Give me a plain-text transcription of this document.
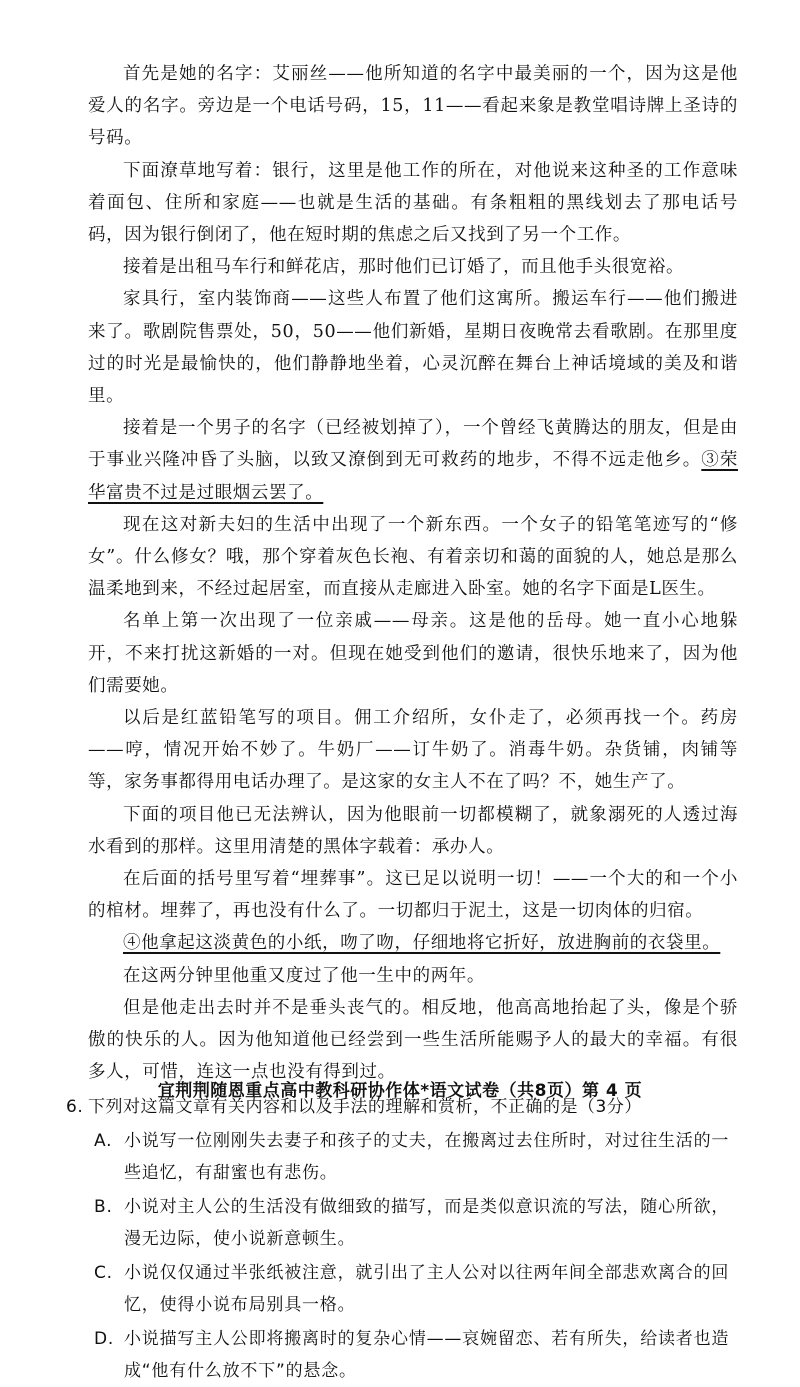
首先是她的名字：艾丽丝——他所知道的名字中最美丽的一个，因为这是他爱人的名字。旁边是一个电话号码，15，11——看起来象是教堂唱诗牌上圣诗的号码。

下面潦草地写着：银行，这里是他工作的所在，对他说来这种圣的工作意味着面包、住所和家庭——也就是生活的基础。有条粗粗的黑线划去了那电话号码，因为银行倒闭了，他在短时期的焦虑之后又找到了另一个工作。

接着是出租马车行和鲜花店，那时他们已订婚了，而且他手头很宽裕。

家具行，室内装饰商——这些人布置了他们这寓所。搬运车行——他们搬进来了。歌剧院售票处，50，50——他们新婚，星期日夜晚常去看歌剧。在那里度过的时光是最愉快的，他们静静地坐着，心灵沉醉在舞台上神话境域的美及和谐里。

接着是一个男子的名字（已经被划掉了），一个曾经飞黄腾达的朋友，但是由于事业兴隆冲昏了头脑，以致又潦倒到无可救药的地步，不得不远走他乡。③荣华富贵不过是过眼烟云罢了。

现在这对新夫妇的生活中出现了一个新东西。一个女子的铅笔笔迹写的“修女”。什么修女？哦，那个穿着灰色长袍、有着亲切和蔼的面貌的人，她总是那么温柔地到来，不经过起居室，而直接从走廊进入卧室。她的名字下面是L医生。

名单上第一次出现了一位亲戚——母亲。这是他的岳母。她一直小心地躲开，不来打扰这新婚的一对。但现在她受到他们的邀请，很快乐地来了，因为他们需要她。

以后是红蓝铅笔写的项目。佣工介绍所，女仆走了，必须再找一个。药房——哼，情况开始不妙了。牛奶厂——订牛奶了。消毒牛奶。杂货铺，肉铺等等，家务事都得用电话办理了。是这家的女主人不在了吗？不，她生产了。

下面的项目他已无法辨认，因为他眼前一切都模糊了，就象溺死的人透过海水看到的那样。这里用清楚的黑体字载着：承办人。

在后面的括号里写着“埋葬事”。这已足以说明一切！——一个大的和一个小的棺材。埋葬了，再也没有什么了。一切都归于泥土，这是一切肉体的归宿。

④他拿起这淡黄色的小纸，吻了吻，仔细地将它折好，放进胸前的衣袋里。

在这两分钟里他重又度过了他一生中的两年。

但是他走出去时并不是垂头丧气的。相反地，他高高地抬起了头，像是个骄傲的快乐的人。因为他知道他已经尝到一些生活所能赐予人的最大的幸福。有很多人，可惜，连这一点也没有得到过。

6. 下列对这篇文章有关内容和以及手法的理解和赏析，不正确的是（3分）

A. 小说写一位刚刚失去妻子和孩子的丈夫，在搬离过去住所时，对过往生活的一些追忆，有甜蜜也有悲伤。
B. 小说对主人公的生活没有做细致的描写，而是类似意识流的写法，随心所欲，漫无边际，使小说新意顿生。
C. 小说仅仅通过半张纸被注意，就引出了主人公对以往两年间全部悲欢离合的回忆，使得小说布局别具一格。
D. 小说描写主人公即将搬离时的复杂心情——哀婉留恋、若有所失，给读者也造成“他有什么放不下”的悬念。
宜荆荆随恩重点高中教科研协作体*语文试卷（共8页）第 4 页
